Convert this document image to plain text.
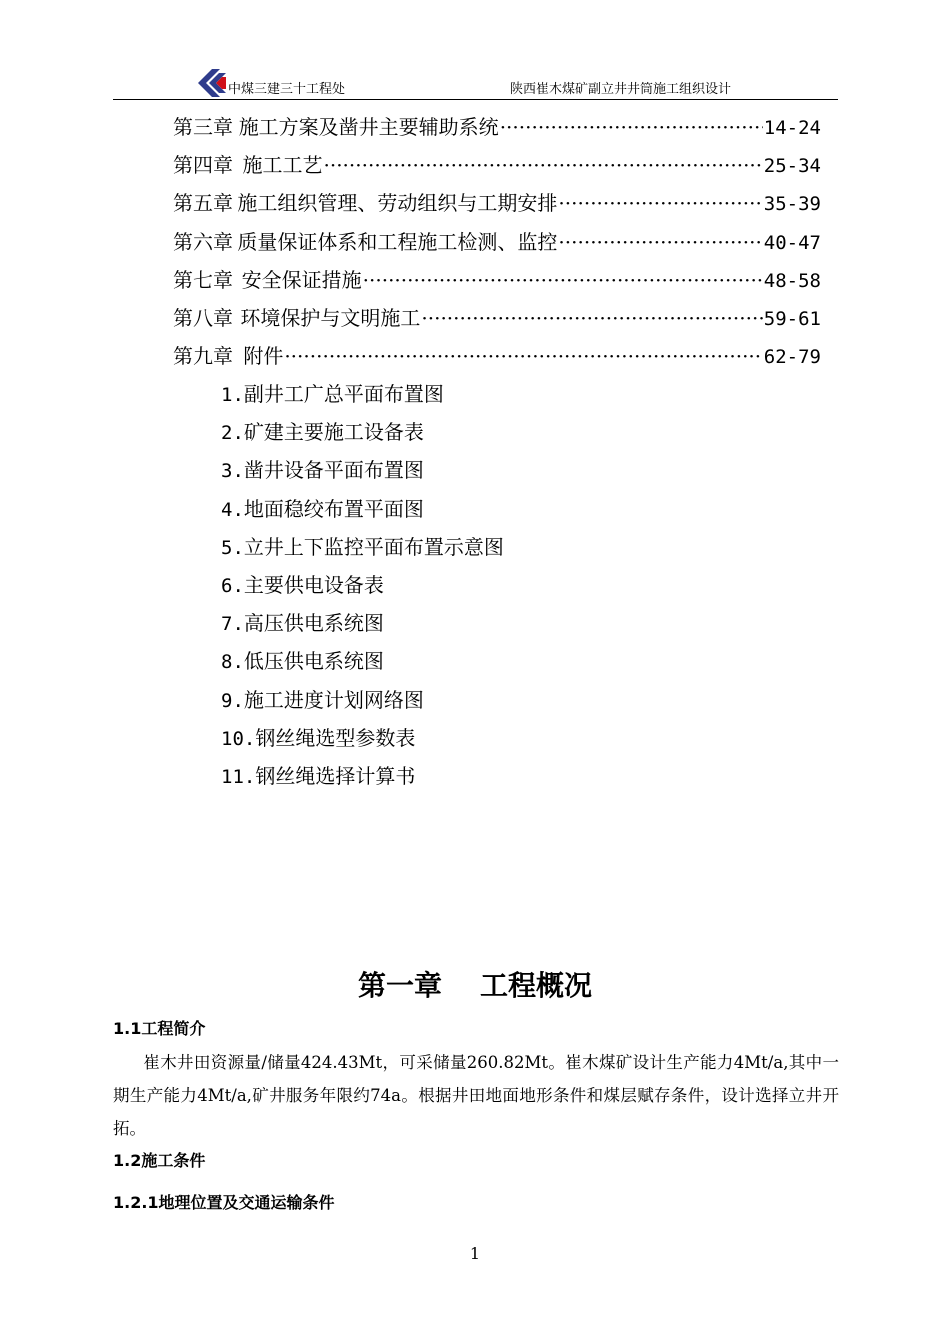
中煤三建三十工程处	陕西崔木煤矿副立井井筒施工组织设计
第三章 施工方案及凿井主要辅助系统 ·····	14-24
第四章 施工工艺 ·····	25-34
第五章 施工组织管理、劳动组织与工期安排 ·····	35-39
第六章 质量保证体系和工程施工检测、监控 ·····	40-47
第七章 安全保证措施 ·····	48-58
第八章 环境保护与文明施工 ·····	59-61
第九章 附件 ·····	62-79
1.副井工广总平面布置图
2.矿建主要施工设备表
3.凿井设备平面布置图
4.地面稳绞布置平面图
5.立井上下监控平面布置示意图
6.主要供电设备表
7.高压供电系统图
8.低压供电系统图
9.施工进度计划网络图
10.钢丝绳选型参数表
11.钢丝绳选择计算书
第一章 工程概况
1.1工程简介
崔木井田资源量/储量424.43Mt，可采储量260.82Mt。崔木煤矿设计生产能力4Mt/a,其中一期生产能力4Mt/a,矿井服务年限约74a。根据井田地面地形条件和煤层赋存条件，设计选择立井开拓。
1.2施工条件
1.2.1地理位置及交通运输条件
1
